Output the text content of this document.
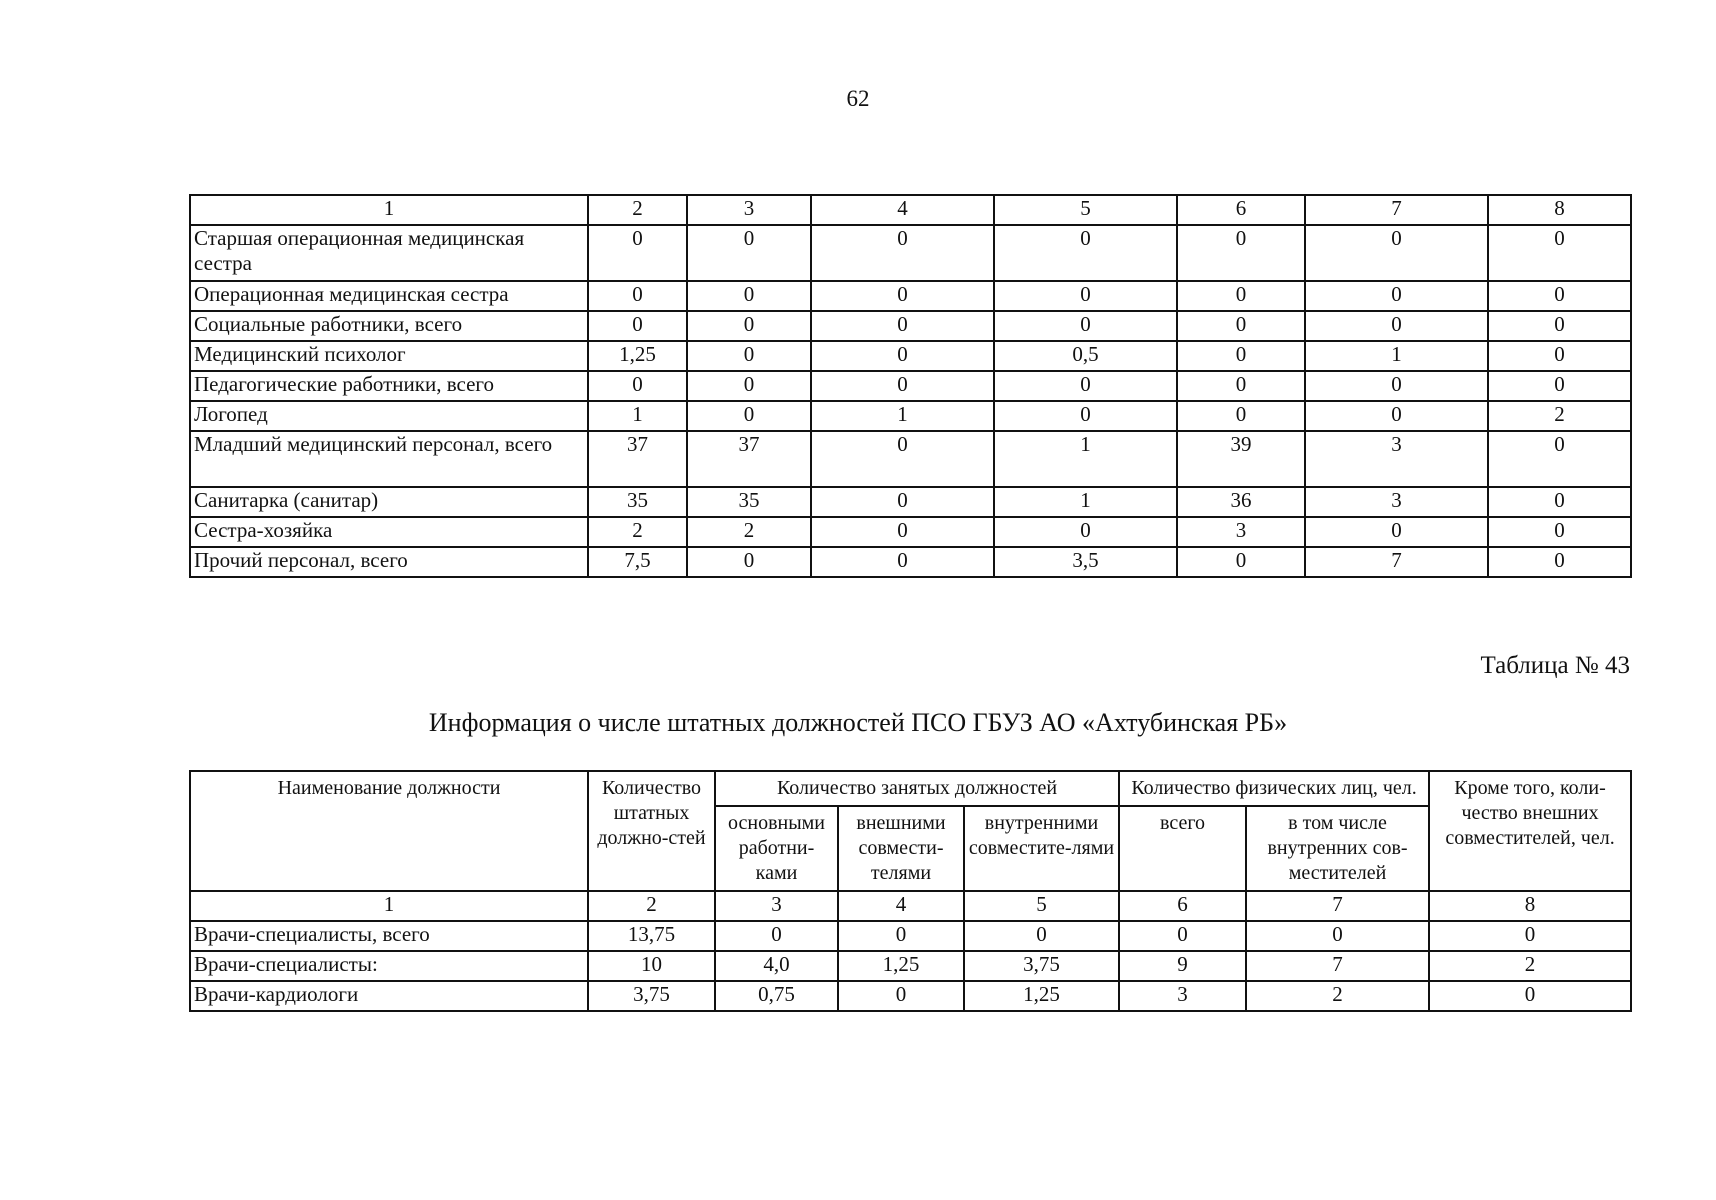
62
1	2	3	4	5	6	7	8
Старшая операционная медицинская сестра	0	0	0	0	0	0	0
Операционная медицинская сестра	0	0	0	0	0	0	0
Социальные работники, всего	0	0	0	0	0	0	0
Медицинский психолог	1,25	0	0	0,5	0	1	0
Педагогические работники, всего	0	0	0	0	0	0	0
Логопед	1	0	1	0	0	0	2
Младший медицинский персонал, всего	37	37	0	1	39	3	0
Санитарка (санитар)	35	35	0	1	36	3	0
Сестра-хозяйка	2	2	0	0	3	0	0
Прочий персонал, всего	7,5	0	0	3,5	0	7	0
Таблица № 43
Информация о числе штатных должностей ПСО ГБУЗ АО «Ахтубинская РБ»
Наименование должности	Количество штатных должно-стей	Количество занятых должностей			Количество физических лиц, чел.		Кроме того, коли-чество внешних совместителей, чел.
		основными работни-ками	внешними совмести-телями	внутренними совместите-лями	всего	в том числе внутренних сов-местителей	
1	2	3	4	5	6	7	8
Врачи-специалисты, всего	13,75	0	0	0	0	0	0
Врачи-специалисты:	10	4,0	1,25	3,75	9	7	2
Врачи-кардиологи	3,75	0,75	0	1,25	3	2	0
